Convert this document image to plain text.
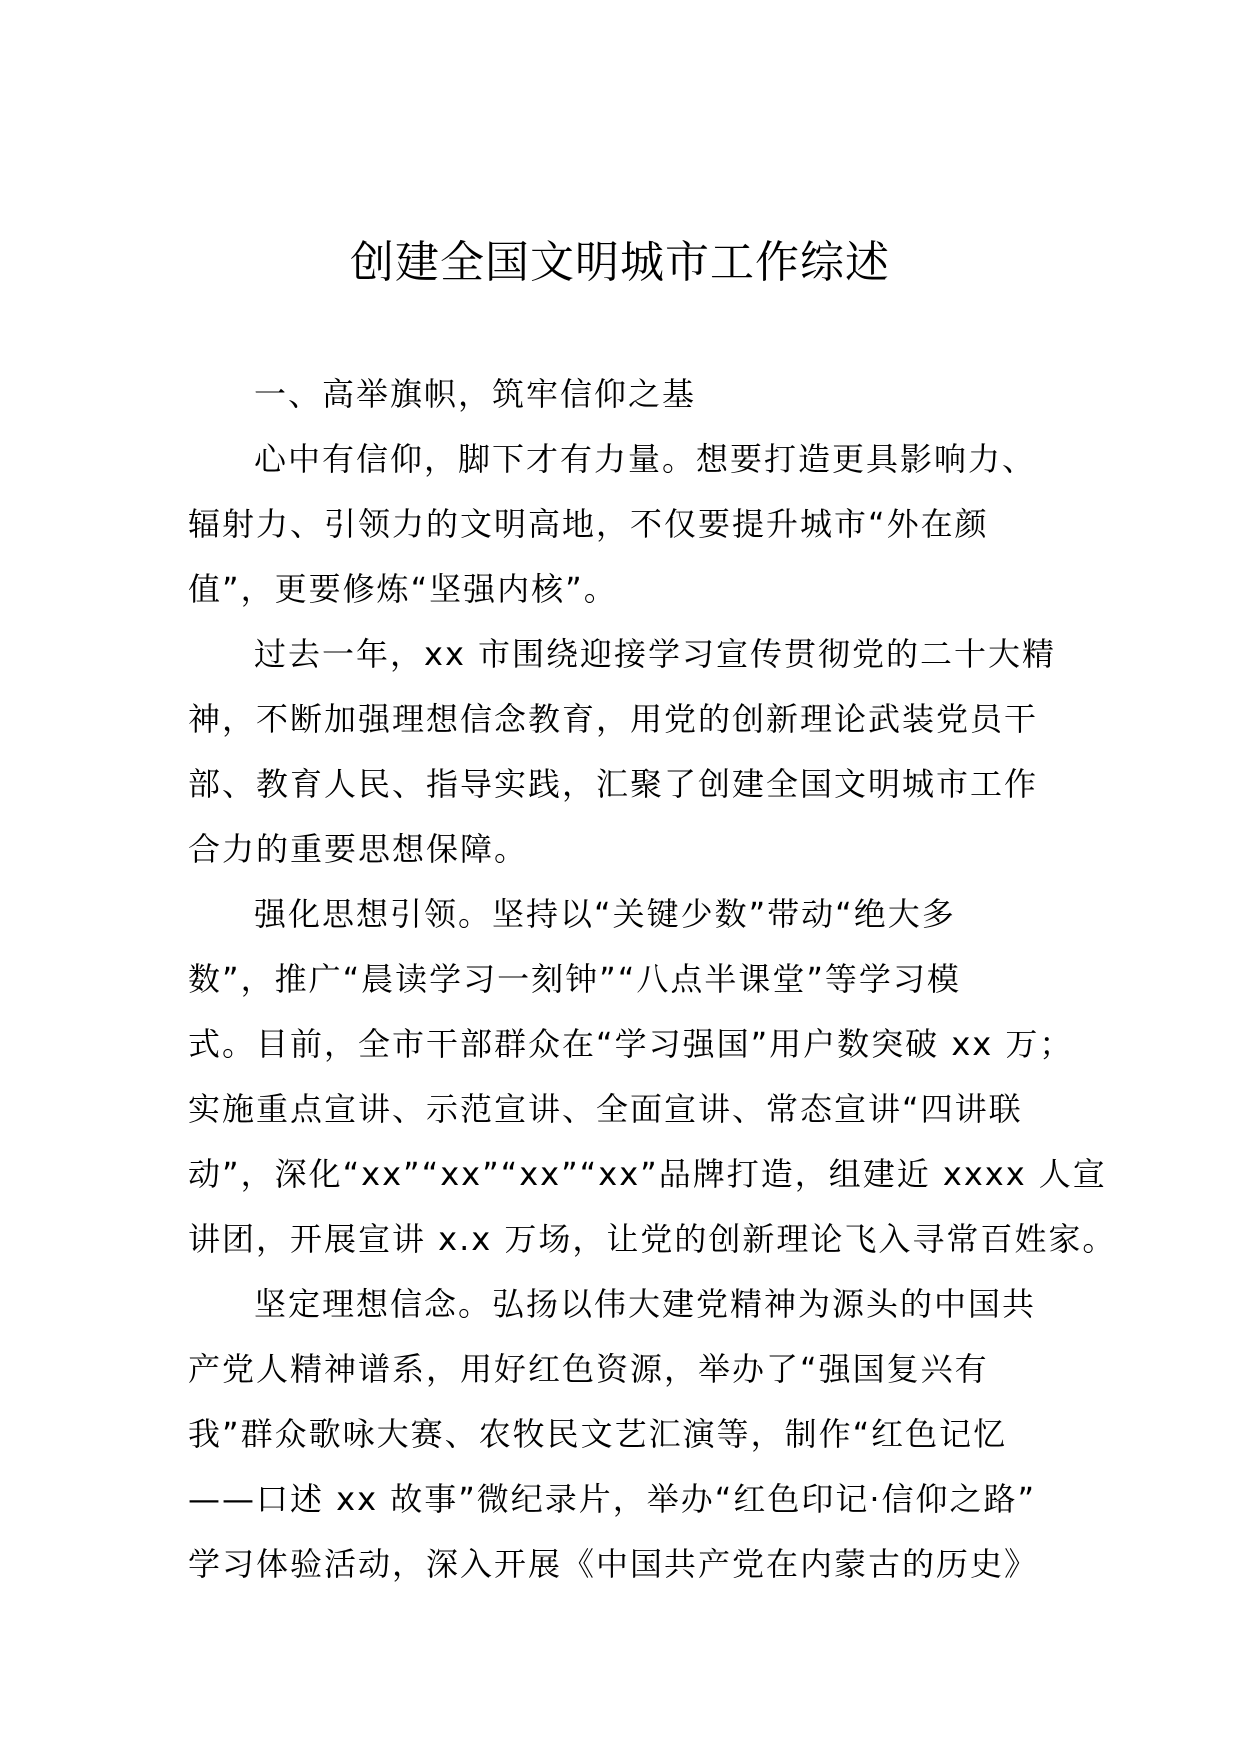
创建全国文明城市工作综述
一、高举旗帜，筑牢信仰之基
心中有信仰，脚下才有力量。想要打造更具影响力、
辐射力、引领力的文明高地，不仅要提升城市“外在颜
值”，更要修炼“坚强内核”。
过去一年，xx 市围绕迎接学习宣传贯彻党的二十大精
神，不断加强理想信念教育，用党的创新理论武装党员干
部、教育人民、指导实践，汇聚了创建全国文明城市工作
合力的重要思想保障。
强化思想引领。坚持以“关键少数”带动“绝大多
数”，推广“晨读学习一刻钟”“八点半课堂”等学习模
式。目前，全市干部群众在“学习强国”用户数突破 xx 万；
实施重点宣讲、示范宣讲、全面宣讲、常态宣讲“四讲联
动”，深化“xx”“xx”“xx”“xx”品牌打造，组建近 xxxx 人宣
讲团，开展宣讲 x.x 万场，让党的创新理论飞入寻常百姓家。
坚定理想信念。弘扬以伟大建党精神为源头的中国共
产党人精神谱系，用好红色资源，举办了“强国复兴有
我”群众歌咏大赛、农牧民文艺汇演等，制作“红色记忆
——口述 xx 故事”微纪录片，举办“红色印记·信仰之路”
学习体验活动，深入开展《中国共产党在内蒙古的历史》
